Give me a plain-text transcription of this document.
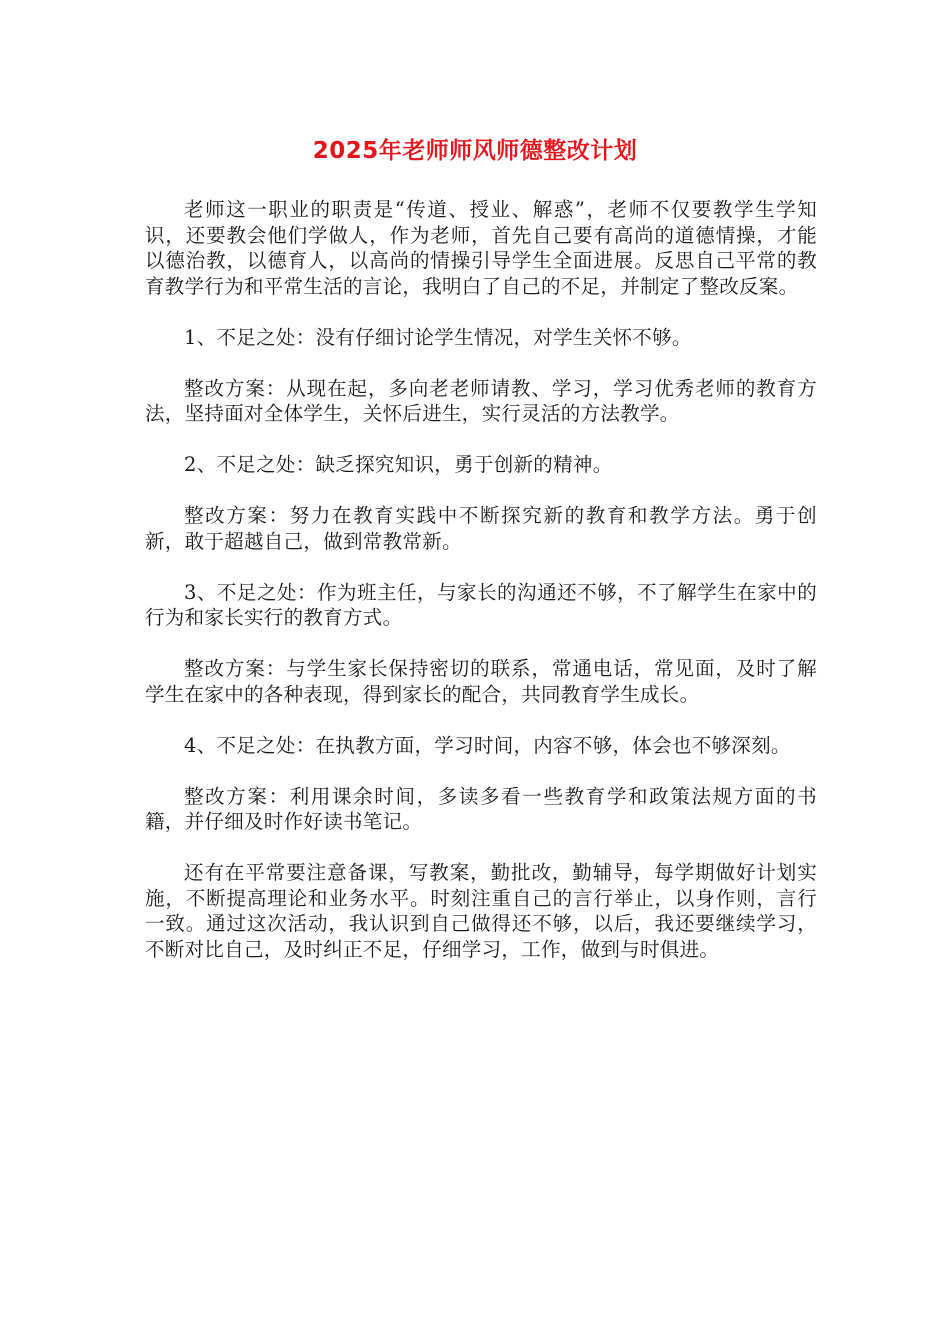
2025年老师师风师德整改计划

老师这一职业的职责是“传道、授业、解惑”，老师不仅要教学生学知识，还要教会他们学做人，作为老师，首先自己要有高尚的道德情操，才能以德治教，以德育人，以高尚的情操引导学生全面进展。反思自己平常的教育教学行为和平常生活的言论，我明白了自己的不足，并制定了整改反案。

1、不足之处：没有仔细讨论学生情况，对学生关怀不够。

整改方案：从现在起，多向老老师请教、学习，学习优秀老师的教育方法，坚持面对全体学生，关怀后进生，实行灵活的方法教学。

2、不足之处：缺乏探究知识，勇于创新的精神。

整改方案：努力在教育实践中不断探究新的教育和教学方法。勇于创新，敢于超越自己，做到常教常新。

3、不足之处：作为班主任，与家长的沟通还不够，不了解学生在家中的行为和家长实行的教育方式。

整改方案：与学生家长保持密切的联系，常通电话，常见面，及时了解学生在家中的各种表现，得到家长的配合，共同教育学生成长。

4、不足之处：在执教方面，学习时间，内容不够，体会也不够深刻。

整改方案：利用课余时间，多读多看一些教育学和政策法规方面的书籍，并仔细及时作好读书笔记。

还有在平常要注意备课，写教案，勤批改，勤辅导，每学期做好计划实施，不断提高理论和业务水平。时刻注重自己的言行举止，以身作则，言行一致。通过这次活动，我认识到自己做得还不够，以后，我还要继续学习，不断对比自己，及时纠正不足，仔细学习，工作，做到与时俱进。
